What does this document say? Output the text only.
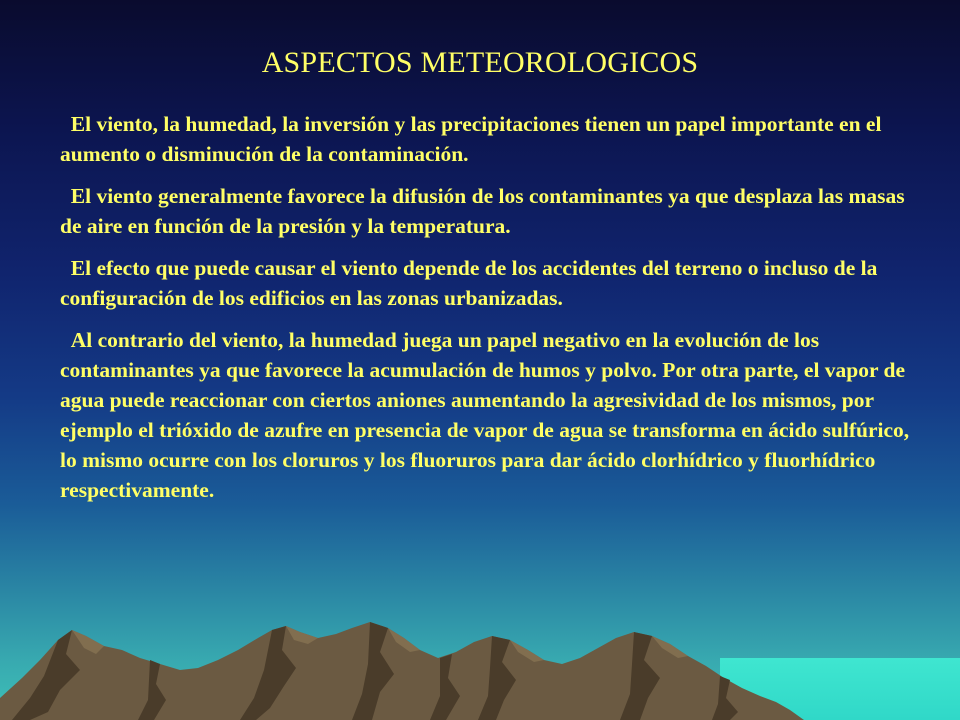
ASPECTOS METEOROLOGICOS

El viento, la humedad, la inversión y las precipitaciones tienen un papel importante en el aumento o disminución de la contaminación.

El viento generalmente favorece la difusión de los contaminantes ya que desplaza las masas de aire en función de la presión y la temperatura.

El efecto que puede causar el viento depende de los accidentes del terreno o incluso de la configuración de los edificios en las zonas urbanizadas.

Al contrario del viento, la humedad juega un papel negativo en la evolución de los contaminantes ya que favorece la acumulación de humos y polvo. Por otra parte, el vapor de agua puede reaccionar con ciertos aniones aumentando la agresividad de los mismos, por ejemplo el trióxido de azufre en presencia de vapor de agua se transforma en ácido sulfúrico, lo mismo ocurre con los cloruros y los fluoruros para dar ácido clorhídrico y fluorhídrico respectivamente.
